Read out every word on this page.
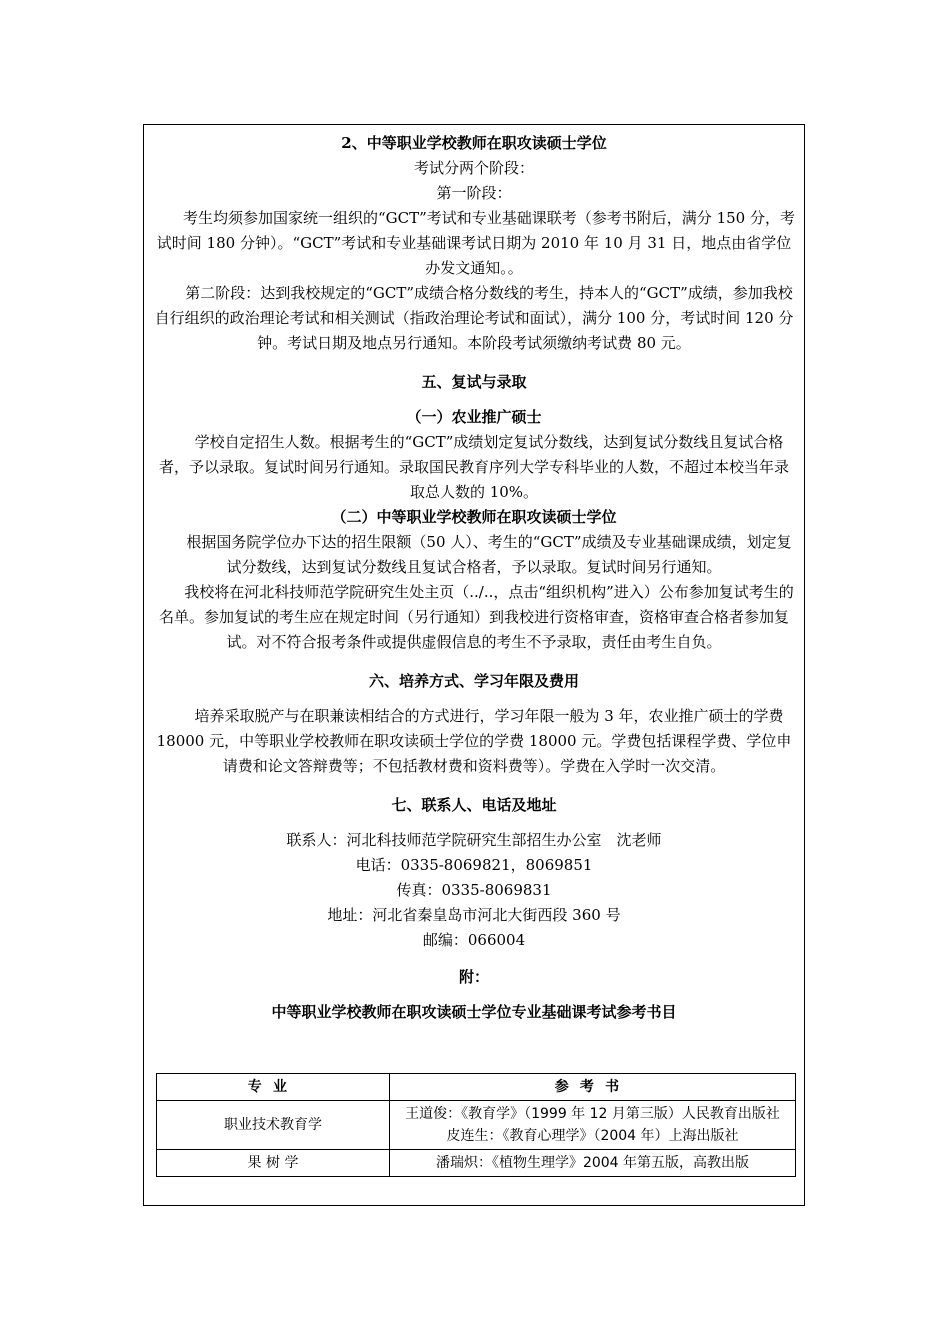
2、中等职业学校教师在职攻读硕士学位

考试分两个阶段：

第一阶段：

考生均须参加国家统一组织的“GCT”考试和专业基础课联考（参考书附后，满分 150 分，考试时间 180 分钟）。“GCT”考试和专业基础课考试日期为 2010 年 10 月 31 日，地点由省学位办发文通知。。

第二阶段：达到我校规定的“GCT”成绩合格分数线的考生，持本人的“GCT”成绩，参加我校自行组织的政治理论考试和相关测试（指政治理论考试和面试），满分 100 分，考试时间 120 分钟。考试日期及地点另行通知。本阶段考试须缴纳考试费 80 元。

五、复试与录取

（一）农业推广硕士

学校自定招生人数。根据考生的“GCT”成绩划定复试分数线，达到复试分数线且复试合格者，予以录取。复试时间另行通知。录取国民教育序列大学专科毕业的人数，不超过本校当年录取总人数的 10%。

（二）中等职业学校教师在职攻读硕士学位

根据国务院学位办下达的招生限额（50 人）、考生的“GCT”成绩及专业基础课成绩，划定复试分数线，达到复试分数线且复试合格者，予以录取。复试时间另行通知。

我校将在河北科技师范学院研究生处主页（../..，点击“组织机构”进入）公布参加复试考生的名单。参加复试的考生应在规定时间（另行通知）到我校进行资格审查，资格审查合格者参加复试。对不符合报考条件或提供虚假信息的考生不予录取，责任由考生自负。

六、培养方式、学习年限及费用

培养采取脱产与在职兼读相结合的方式进行，学习年限一般为 3 年，农业推广硕士的学费 18000 元，中等职业学校教师在职攻读硕士学位的学费 18000 元。学费包括课程学费、学位申请费和论文答辩费等；不包括教材费和资料费等）。学费在入学时一次交清。

七、联系人、电话及地址

联系人：河北科技师范学院研究生部招生办公室　沈老师

电话：0335-8069821，8069851

传真：0335-8069831

地址：河北省秦皇岛市河北大街西段 360 号

邮编：066004

附：

中等职业学校教师在职攻读硕士学位专业基础课考试参考书目

专业	参考书
职业技术教育学	王道俊：《教育学》（1999 年 12 月第三版）人民教育出版社
皮连生：《教育心理学》（2004 年）上海出版社

果 树 学	潘瑞炽：《植物生理学》2004 年第五版，高教出版
